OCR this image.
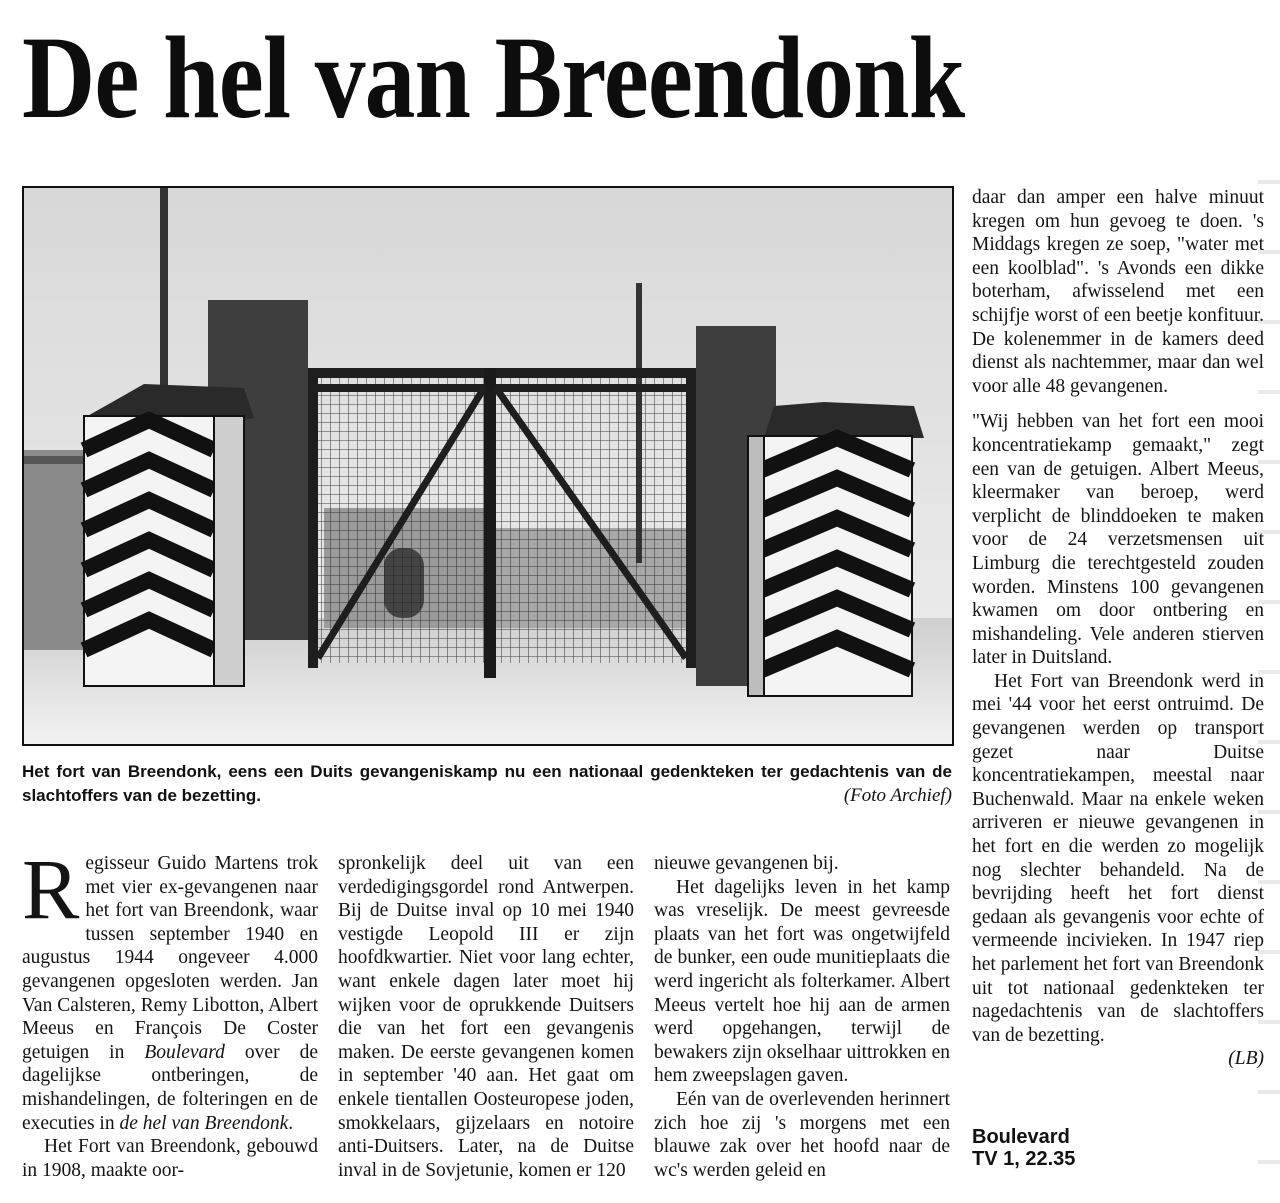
De hel van Breendonk
Het fort van Breendonk, eens een Duits gevangeniskamp nu een nationaal gedenkteken ter gedachtenis van de slachtoffers van de bezetting.	(Foto Archief)

Regisseur Guido Martens trok met vier ex-gevangenen naar het fort van Breendonk, waar tussen september 1940 en augustus 1944 ongeveer 4.000 gevangenen opgesloten werden. Jan Van Calsteren, Remy Libotton, Albert Meeus en François De Coster getuigen in Boulevard over de dagelijkse ontberingen, de mishandelingen, de folteringen en de executies in de hel van Breendonk.

Het Fort van Breendonk, gebouwd in 1908, maakte oor-

spronkelijk deel uit van een verdedigingsgordel rond Antwerpen. Bij de Duitse inval op 10 mei 1940 vestigde Leopold III er zijn hoofdkwartier. Niet voor lang echter, want enkele dagen later moet hij wijken voor de oprukkende Duitsers die van het fort een gevangenis maken. De eerste gevangenen komen in september '40 aan. Het gaat om enkele tientallen Oosteuropese joden, smokkelaars, gijzelaars en notoire anti-Duitsers. Later, na de Duitse inval in de Sovjetunie, komen er 120

nieuwe gevangenen bij.

Het dagelijks leven in het kamp was vreselijk. De meest gevreesde plaats van het fort was ongetwijfeld de bunker, een oude munitieplaats die werd ingericht als folterkamer. Albert Meeus vertelt hoe hij aan de armen werd opgehangen, terwijl de bewakers zijn okselhaar uittrokken en hem zweepslagen gaven.

Eén van de overlevenden herinnert zich hoe zij 's morgens met een blauwe zak over het hoofd naar de wc's werden geleid en

daar dan amper een halve minuut kregen om hun gevoeg te doen. 's Middags kregen ze soep, "water met een koolblad". 's Avonds een dikke boterham, afwisselend met een schijfje worst of een beetje konfituur. De kolenemmer in de kamers deed dienst als nachtemmer, maar dan wel voor alle 48 gevangenen.

"Wij hebben van het fort een mooi koncentratiekamp gemaakt," zegt een van de getuigen. Albert Meeus, kleermaker van beroep, werd verplicht de blinddoeken te maken voor de 24 verzetsmensen uit Limburg die terechtgesteld zouden worden. Minstens 100 gevangenen kwamen om door ontbering en mishandeling. Vele anderen stierven later in Duitsland.

Het Fort van Breendonk werd in mei '44 voor het eerst ontruimd. De gevangenen werden op transport gezet naar Duitse koncentratiekampen, meestal naar Buchenwald. Maar na enkele weken arriveren er nieuwe gevangenen in het fort en die werden zo mogelijk nog slechter behandeld. Na de bevrijding heeft het fort dienst gedaan als gevangenis voor echte of vermeende incivieken. In 1947 riep het parlement het fort van Breendonk uit tot nationaal gedenkteken ter nagedachtenis van de slachtoffers van de bezetting.

(LB)
Boulevard
TV 1, 22.35
